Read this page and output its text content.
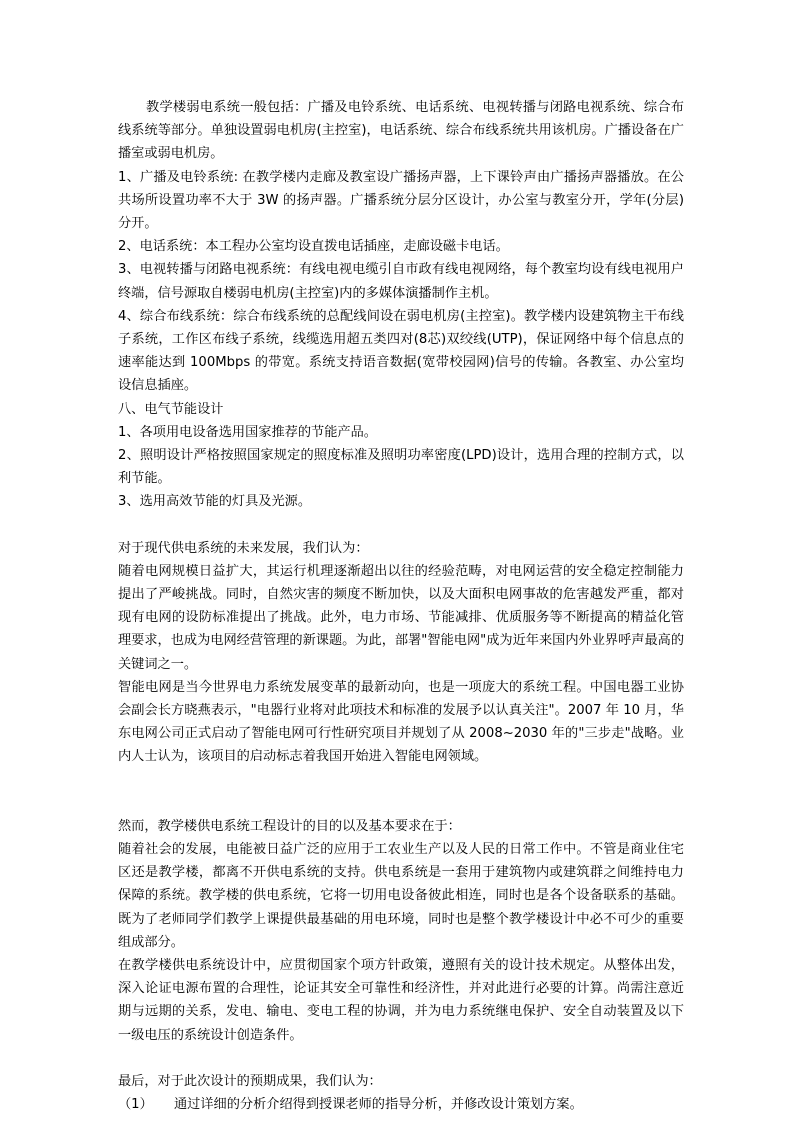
教学楼弱电系统一般包括：广播及电铃系统、电话系统、电视转播与闭路电视系统、综合布线系统等部分。单独设置弱电机房(主控室)，电话系统、综合布线系统共用该机房。广播设备在广播室或弱电机房。

1、广播及电铃系统: 在教学楼内走廊及教室设广播扬声器，上下课铃声由广播扬声器播放。在公共场所设置功率不大于 3W 的扬声器。广播系统分层分区设计，办公室与教室分开，学年(分层)分开。

2、电话系统：本工程办公室均设直拨电话插座，走廊设磁卡电话。

3、电视转播与闭路电视系统：有线电视电缆引自市政有线电视网络，每个教室均设有线电视用户终端，信号源取自楼弱电机房(主控室)内的多媒体演播制作主机。

4、综合布线系统：综合布线系统的总配线间设在弱电机房(主控室)。教学楼内设建筑物主干布线子系统，工作区布线子系统，线缆选用超五类四对(8芯)双绞线(UTP)，保证网络中每个信息点的速率能达到 100Mbps 的带宽。系统支持语音数据(宽带校园网)信号的传输。各教室、办公室均设信息插座。

八、电气节能设计

1、各项用电设备选用国家推荐的节能产品。

2、照明设计严格按照国家规定的照度标准及照明功率密度(LPD)设计，选用合理的控制方式，以利节能。

3、选用高效节能的灯具及光源。

对于现代供电系统的未来发展，我们认为：

随着电网规模日益扩大，其运行机理逐渐超出以往的经验范畴，对电网运营的安全稳定控制能力提出了严峻挑战。同时，自然灾害的频度不断加快，以及大面积电网事故的危害越发严重，都对现有电网的设防标准提出了挑战。此外，电力市场、节能减排、优质服务等不断提高的精益化管理要求，也成为电网经营管理的新课题。为此，部署"智能电网"成为近年来国内外业界呼声最高的关键词之一。

智能电网是当今世界电力系统发展变革的最新动向，也是一项庞大的系统工程。中国电器工业协会副会长方晓燕表示，"电器行业将对此项技术和标准的发展予以认真关注"。2007 年 10 月，华东电网公司正式启动了智能电网可行性研究项目并规划了从 2008~2030 年的"三步走"战略。业内人士认为，该项目的启动标志着我国开始进入智能电网领域。

然而，教学楼供电系统工程设计的目的以及基本要求在于：

随着社会的发展，电能被日益广泛的应用于工农业生产以及人民的日常工作中。不管是商业住宅区还是教学楼，都离不开供电系统的支持。供电系统是一套用于建筑物内或建筑群之间维持电力保障的系统。教学楼的供电系统，它将一切用电设备彼此相连，同时也是各个设备联系的基础。既为了老师同学们教学上课提供最基础的用电环境，同时也是整个教学楼设计中必不可少的重要组成部分。

在教学楼供电系统设计中，应贯彻国家个项方针政策，遵照有关的设计技术规定。从整体出发，深入论证电源布置的合理性，论证其安全可靠性和经济性，并对此进行必要的计算。尚需注意近期与远期的关系，发电、输电、变电工程的协调，并为电力系统继电保护、安全自动装置及以下一级电压的系统设计创造条件。

最后，对于此次设计的预期成果，我们认为：

（1） 通过详细的分析介绍得到授课老师的指导分析，并修改设计策划方案。
